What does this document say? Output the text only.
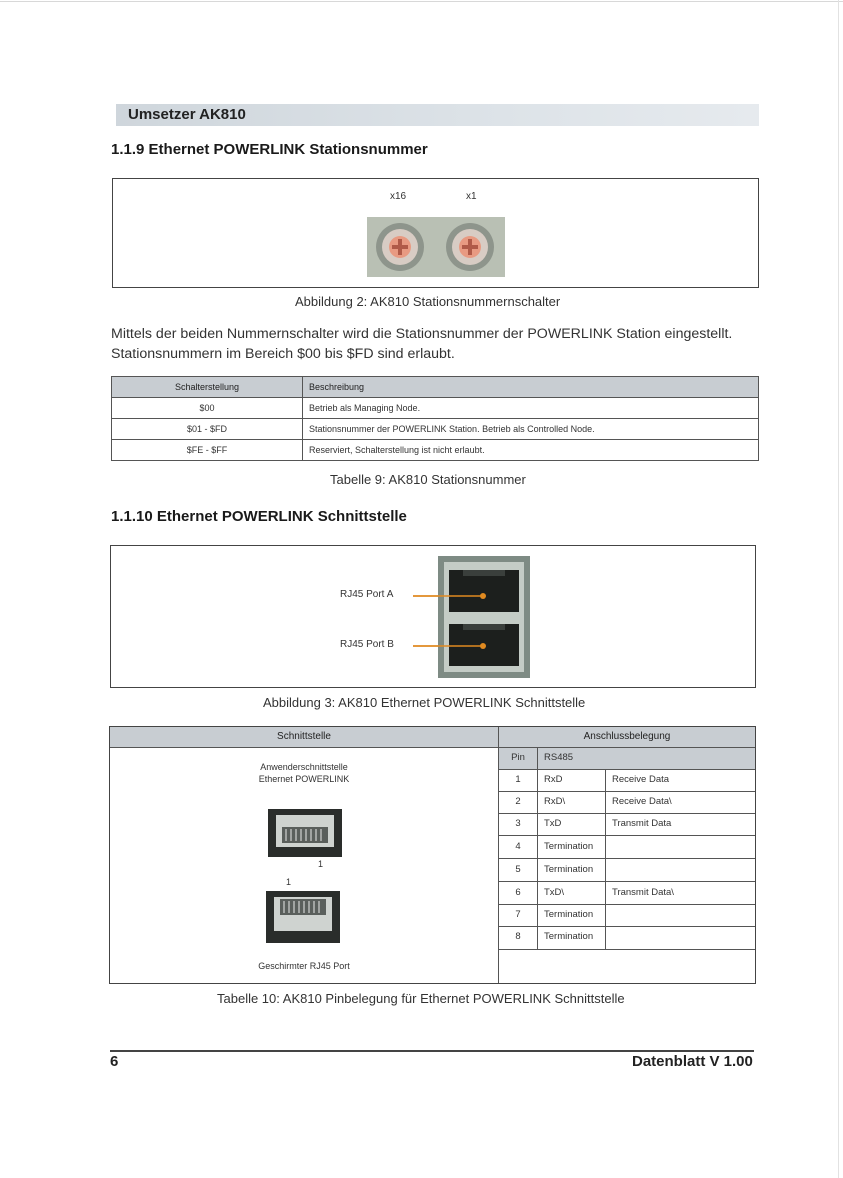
Umsetzer AK810
1.1.9 Ethernet POWERLINK Stationsnummer
x16	x1
Abbildung 2: AK810 Stationsnummernschalter
Mittels der beiden Nummernschalter wird die Stationsnummer der POWERLINK Station eingestellt. Stationsnummern im Bereich $00 bis $FD sind erlaubt.
Schalterstellung	Beschreibung
$00	Betrieb als Managing Node.
$01 - $FD	Stationsnummer der POWERLINK Station. Betrieb als Controlled Node.
$FE - $FF	Reserviert, Schalterstellung ist nicht erlaubt.
Tabelle 9: AK810 Stationsnummer
1.1.10 Ethernet POWERLINK Schnittstelle
RJ45 Port A
RJ45 Port B
Abbildung 3: AK810 Ethernet POWERLINK Schnittstelle
Schnittstelle	Anschlussbelegung
Anwenderschnittstelle
Ethernet POWERLINK
1
1
Geschirmter RJ45 Port
Pin	RS485
1	RxD	Receive Data
2	RxD\	Receive Data\
3	TxD	Transmit Data
4	Termination
5	Termination
6	TxD\	Transmit Data\
7	Termination
8	Termination
Tabelle 10: AK810 Pinbelegung für Ethernet POWERLINK Schnittstelle
6	Datenblatt V 1.00
